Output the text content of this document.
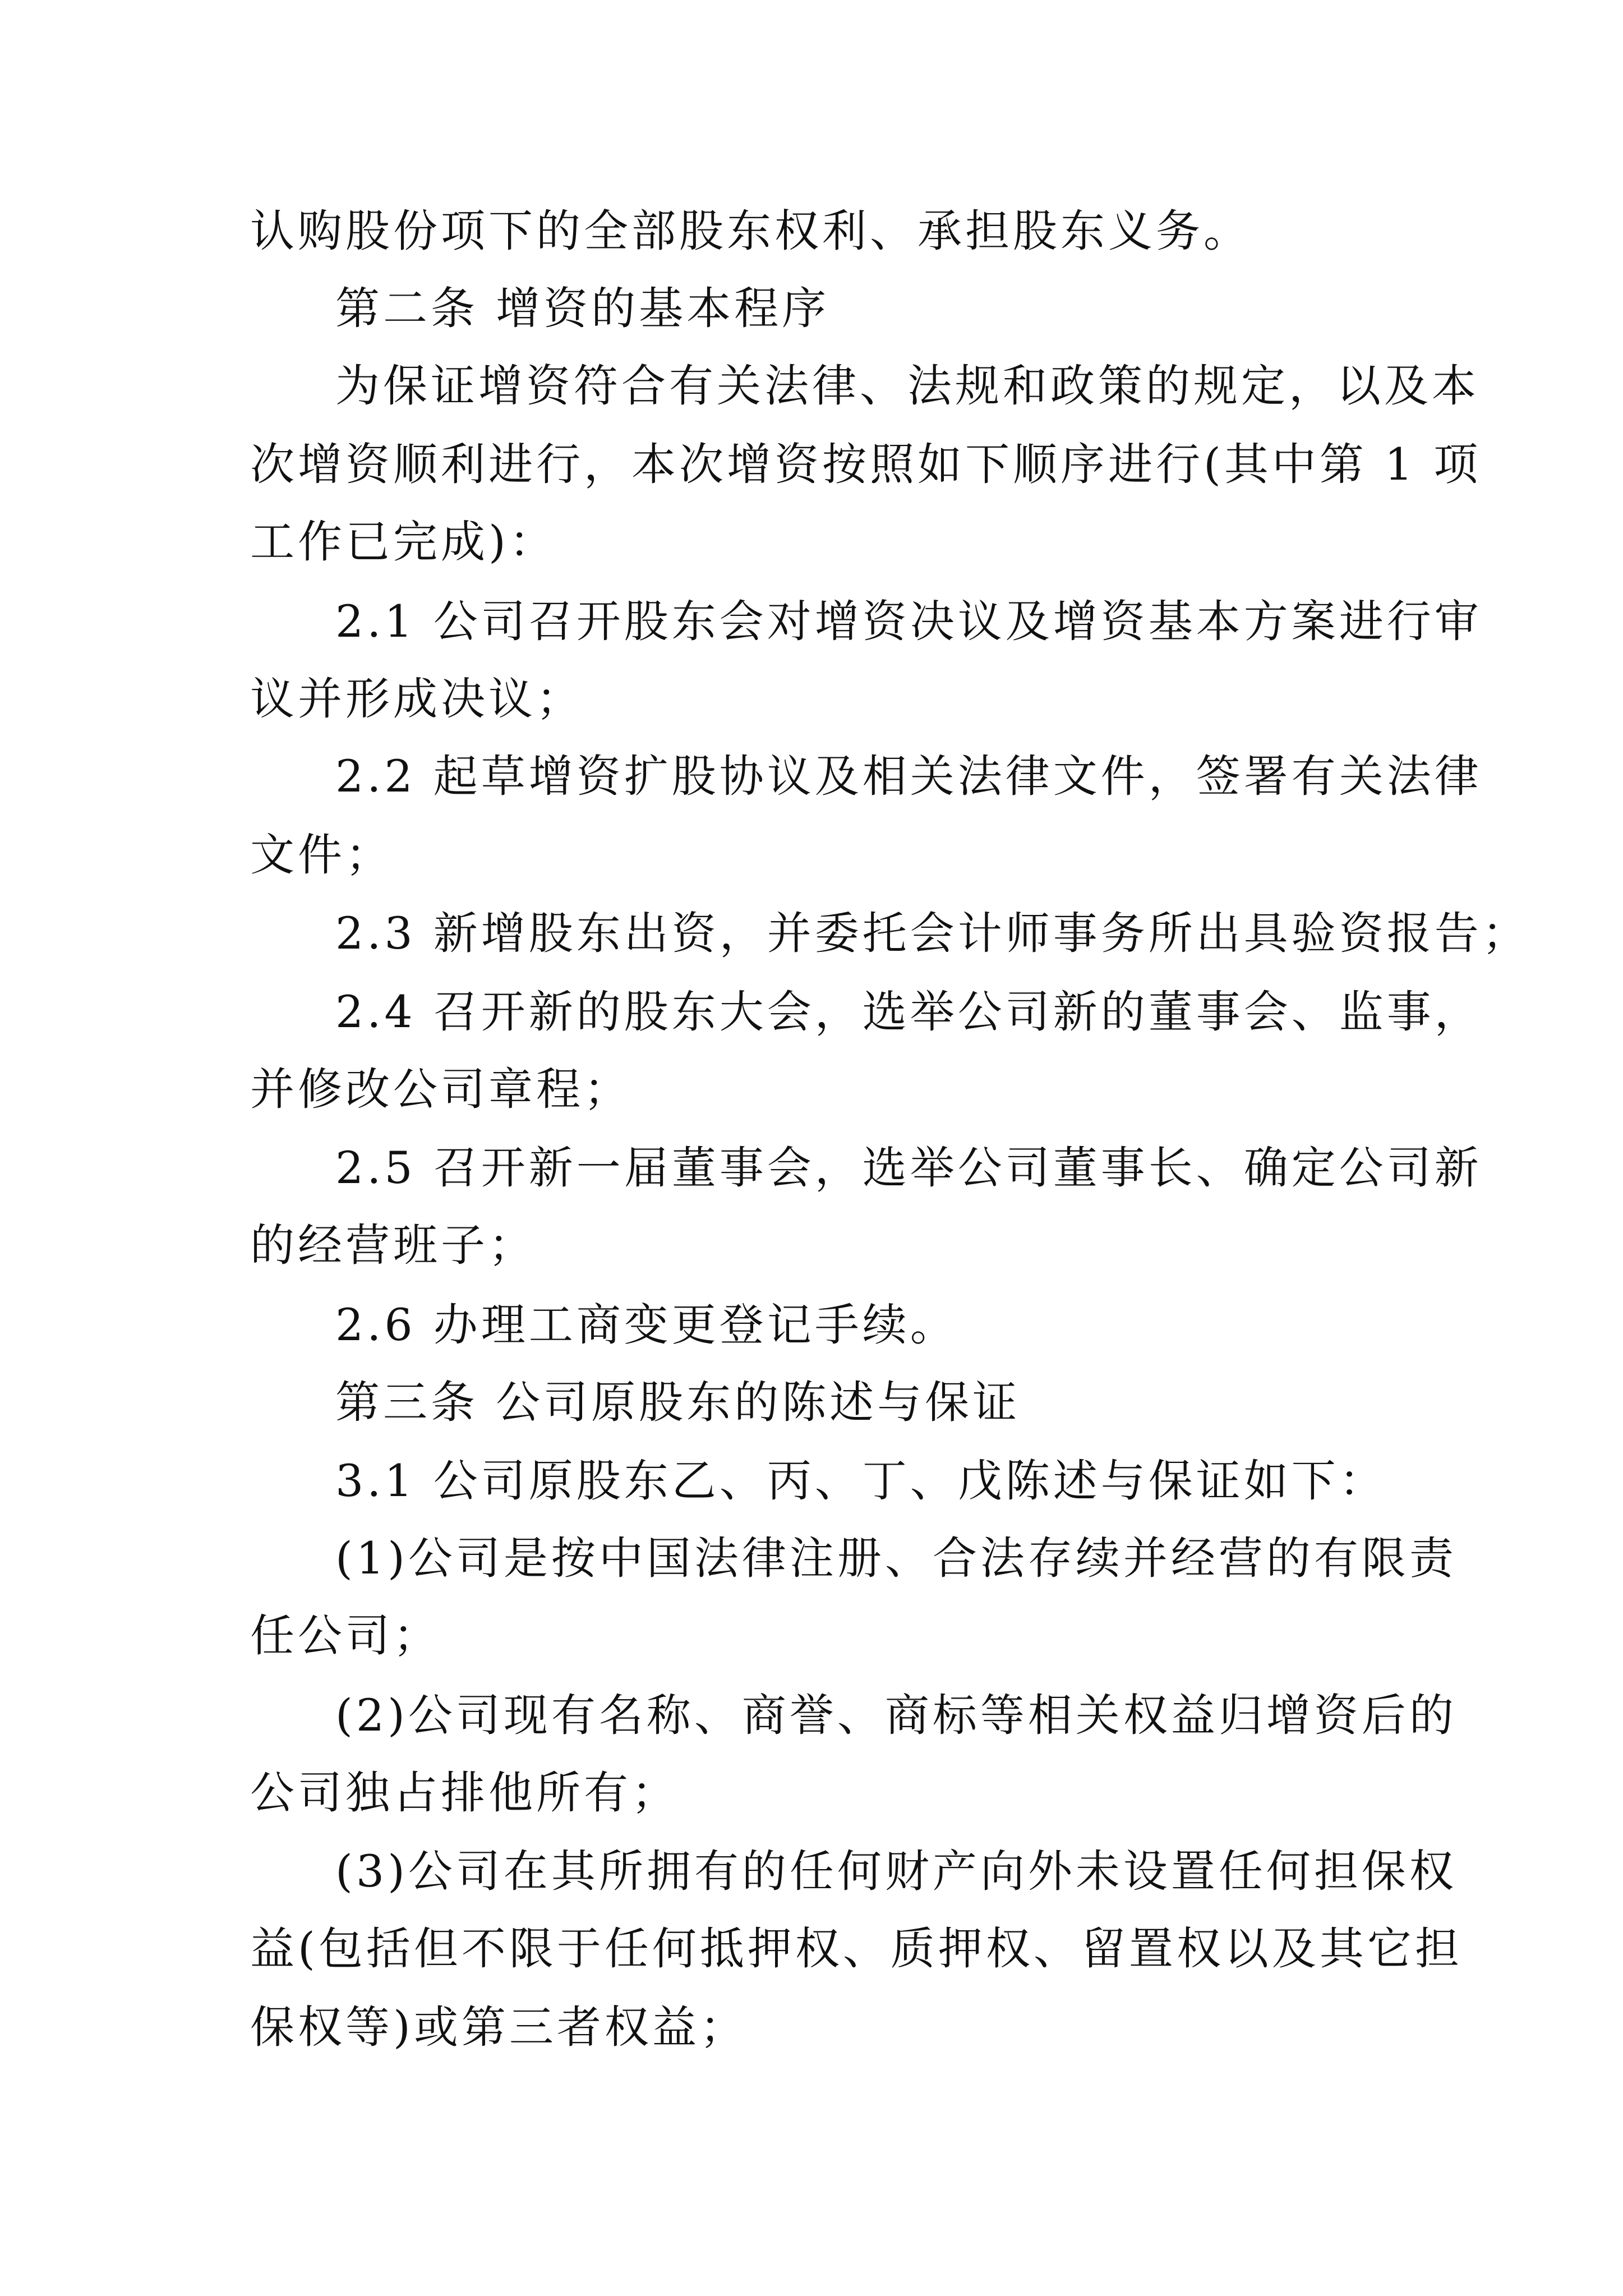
认购股份项下的全部股东权利、承担股东义务。
第二条 增资的基本程序
为保证增资符合有关法律、法规和政策的规定，以及本
次增资顺利进行，本次增资按照如下顺序进行(其中第 1 项
工作已完成)：
2.1 公司召开股东会对增资决议及增资基本方案进行审
议并形成决议；
2.2 起草增资扩股协议及相关法律文件，签署有关法律
文件；
2.3 新增股东出资，并委托会计师事务所出具验资报告；
2.4 召开新的股东大会，选举公司新的董事会、监事，
并修改公司章程；
2.5 召开新一届董事会，选举公司董事长、确定公司新
的经营班子；
2.6 办理工商变更登记手续。
第三条 公司原股东的陈述与保证
3.1 公司原股东乙、丙、丁、戊陈述与保证如下：
(1)公司是按中国法律注册、合法存续并经营的有限责
任公司；
(2)公司现有名称、商誉、商标等相关权益归增资后的
公司独占排他所有；
(3)公司在其所拥有的任何财产向外未设置任何担保权
益(包括但不限于任何抵押权、质押权、留置权以及其它担
保权等)或第三者权益；
